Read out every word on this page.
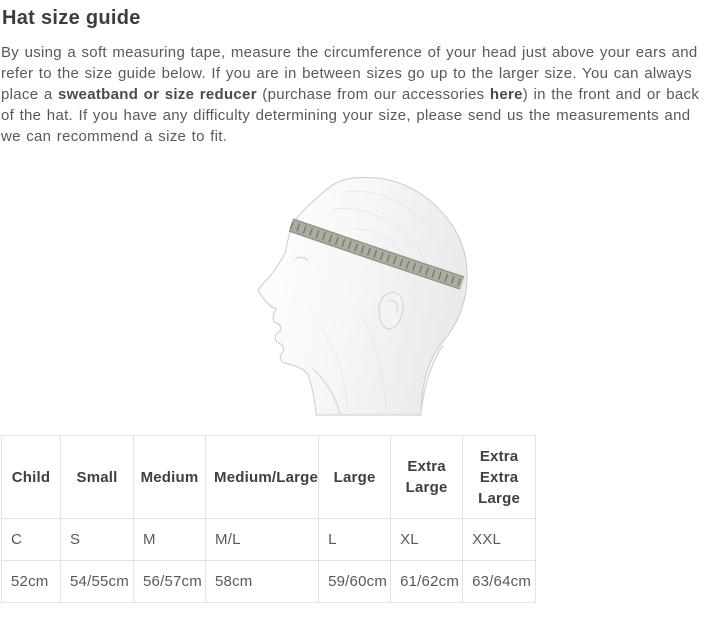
Hat size guide

By using a soft measuring tape, measure the circumference of your head just above your ears and refer to the size guide below. If you are in between sizes go up to the larger size. You can always place a sweatband or size reducer (purchase from our accessories here) in the front and or back of the hat. If you have any difficulty determining your size, please send us the measurements and we can recommend a size to fit.

Child	Small	Medium	Medium/Large	Large	Extra Large	Extra Extra Large
C	S	M	M/L	L	XL	XXL
52cm	54/55cm	56/57cm	58cm	59/60cm	61/62cm	63/64cm
